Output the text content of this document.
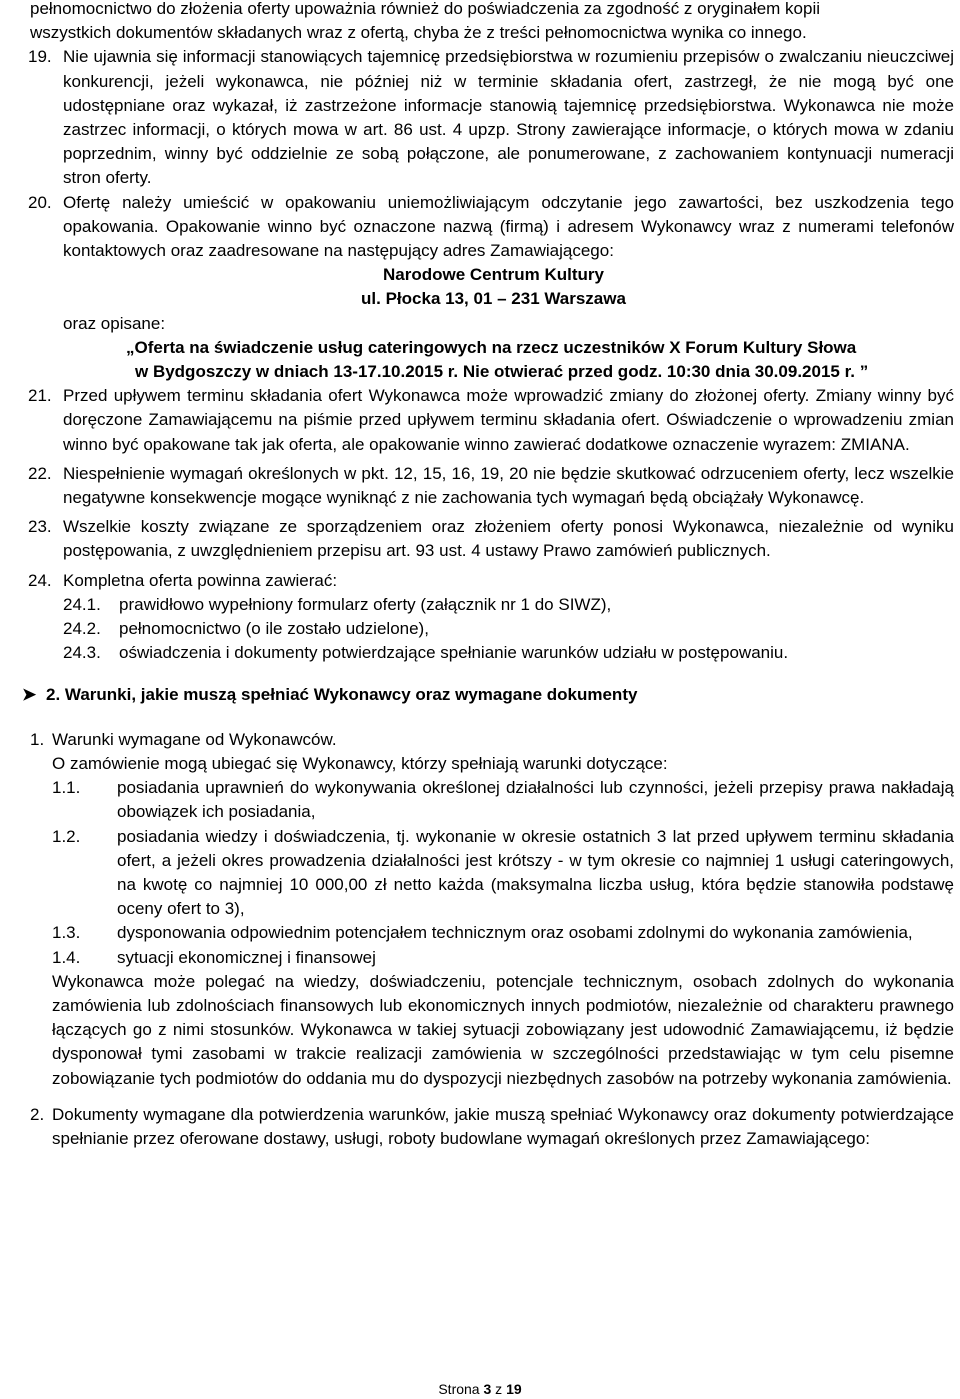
pełnomocnictwo do złożenia oferty upoważnia również do poświadczenia za zgodność z oryginałem kopii

wszystkich dokumentów składanych wraz z ofertą, chyba że z treści pełnomocnictwa wynika co innego.

19. Nie ujawnia się informacji stanowiących tajemnicę przedsiębiorstwa w rozumieniu przepisów o zwalczaniu nieuczciwej konkurencji, jeżeli wykonawca, nie później niż w terminie składania ofert, zastrzegł, że nie mogą być one udostępniane oraz wykazał, iż zastrzeżone informacje stanowią tajemnicę przedsiębiorstwa. Wykonawca nie może zastrzec informacji, o których mowa w art. 86 ust. 4 upzp. Strony zawierające informacje, o których mowa w zdaniu poprzednim, winny być oddzielnie ze sobą połączone, ale ponumerowane, z zachowaniem kontynuacji numeracji stron oferty.

20. Ofertę należy umieścić w opakowaniu uniemożliwiającym odczytanie jego zawartości, bez uszkodzenia tego opakowania. Opakowanie winno być oznaczone nazwą (firmą) i adresem Wykonawcy wraz z numerami telefonów kontaktowych oraz zaadresowane na następujący adres Zamawiającego:

Narodowe Centrum Kultury

ul. Płocka 13, 01 – 231 Warszawa

oraz opisane:

„Oferta na świadczenie usług cateringowych na rzecz uczestników X Forum Kultury Słowa

w Bydgoszczy w dniach 13-17.10.2015 r. Nie otwierać przed godz. 10:30 dnia 30.09.2015 r. ”

21. Przed upływem terminu składania ofert Wykonawca może wprowadzić zmiany do złożonej oferty. Zmiany winny być doręczone Zamawiającemu na piśmie przed upływem terminu składania ofert. Oświadczenie o wprowadzeniu zmian winno być opakowane tak jak oferta, ale opakowanie winno zawierać dodatkowe oznaczenie wyrazem: ZMIANA.

22. Niespełnienie wymagań określonych w pkt. 12, 15, 16, 19, 20 nie będzie skutkować odrzuceniem oferty, lecz wszelkie negatywne konsekwencje mogące wyniknąć z nie zachowania tych wymagań będą obciążały Wykonawcę.

23. Wszelkie koszty związane ze sporządzeniem oraz złożeniem oferty ponosi Wykonawca, niezależnie od wyniku postępowania, z uwzględnieniem przepisu art. 93 ust. 4 ustawy Prawo zamówień publicznych.

24. Kompletna oferta powinna zawierać:

24.1. prawidłowo wypełniony formularz oferty (załącznik nr 1 do SIWZ),

24.2. pełnomocnictwo (o ile zostało udzielone),

24.3. oświadczenia i dokumenty potwierdzające spełnianie warunków udziału w postępowaniu.

➤ 2. Warunki, jakie muszą spełniać Wykonawcy oraz wymagane dokumenty
1. Warunki wymagane od Wykonawców.

O zamówienie mogą ubiegać się Wykonawcy, którzy spełniają warunki dotyczące:

1.1. posiadania uprawnień do wykonywania określonej działalności lub czynności, jeżeli przepisy prawa nakładają obowiązek ich posiadania,

1.2. posiadania wiedzy i doświadczenia, tj. wykonanie w okresie ostatnich 3 lat przed upływem terminu składania ofert, a jeżeli okres prowadzenia działalności jest krótszy - w tym okresie co najmniej 1 usługi cateringowych, na kwotę co najmniej 10 000,00 zł netto każda (maksymalna liczba usług, która będzie stanowiła podstawę oceny ofert to 3),

1.3. dysponowania odpowiednim potencjałem technicznym oraz osobami zdolnymi do wykonania zamówienia,

1.4. sytuacji ekonomicznej i finansowej

Wykonawca może polegać na wiedzy, doświadczeniu, potencjale technicznym, osobach zdolnych do wykonania zamówienia lub zdolnościach finansowych lub ekonomicznych innych podmiotów, niezależnie od charakteru prawnego łączących go z nimi stosunków. Wykonawca w takiej sytuacji zobowiązany jest udowodnić Zamawiającemu, iż będzie dysponował tymi zasobami w trakcie realizacji zamówienia w szczególności przedstawiając w tym celu pisemne zobowiązanie tych podmiotów do oddania mu do dyspozycji niezbędnych zasobów na potrzeby wykonania zamówienia.

2. Dokumenty wymagane dla potwierdzenia warunków, jakie muszą spełniać Wykonawcy oraz dokumenty potwierdzające spełnianie przez oferowane dostawy, usługi, roboty budowlane wymagań określonych przez Zamawiającego:

Strona 3 z 19
